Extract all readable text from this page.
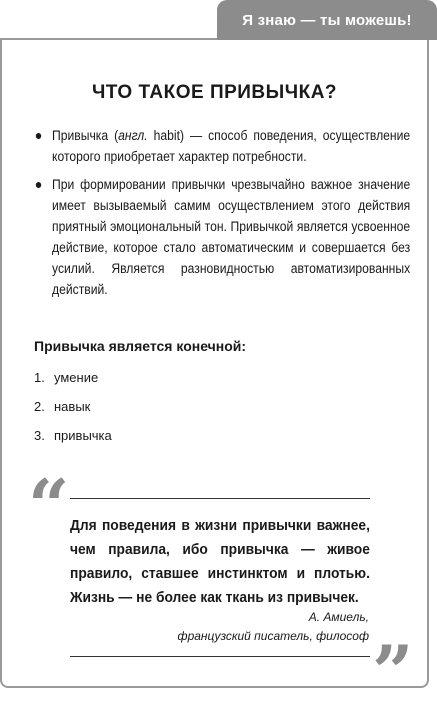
Я знаю — ты можешь!
ЧТО ТАКОЕ ПРИВЫЧКА?
Привычка (англ. habit) — способ поведения, осуществление которого приобретает характер потребности.
При формировании привычки чрезвычайно важное значение имеет вызываемый самим осуществлением этого действия приятный эмоциональный тон. Привычкой является усвоенное действие, которое стало автоматическим и совершается без усилий. Является разновидностью автоматизированных действий.
Привычка является конечной:
1. умение
2. навык
3. привычка
“ Для поведения в жизни привычки важнее, чем правила, ибо привычка — живое правило, ставшее инстинктом и плотью. Жизнь — не более как ткань из привычек.
А. Амиель,
французский писатель, философ ”
